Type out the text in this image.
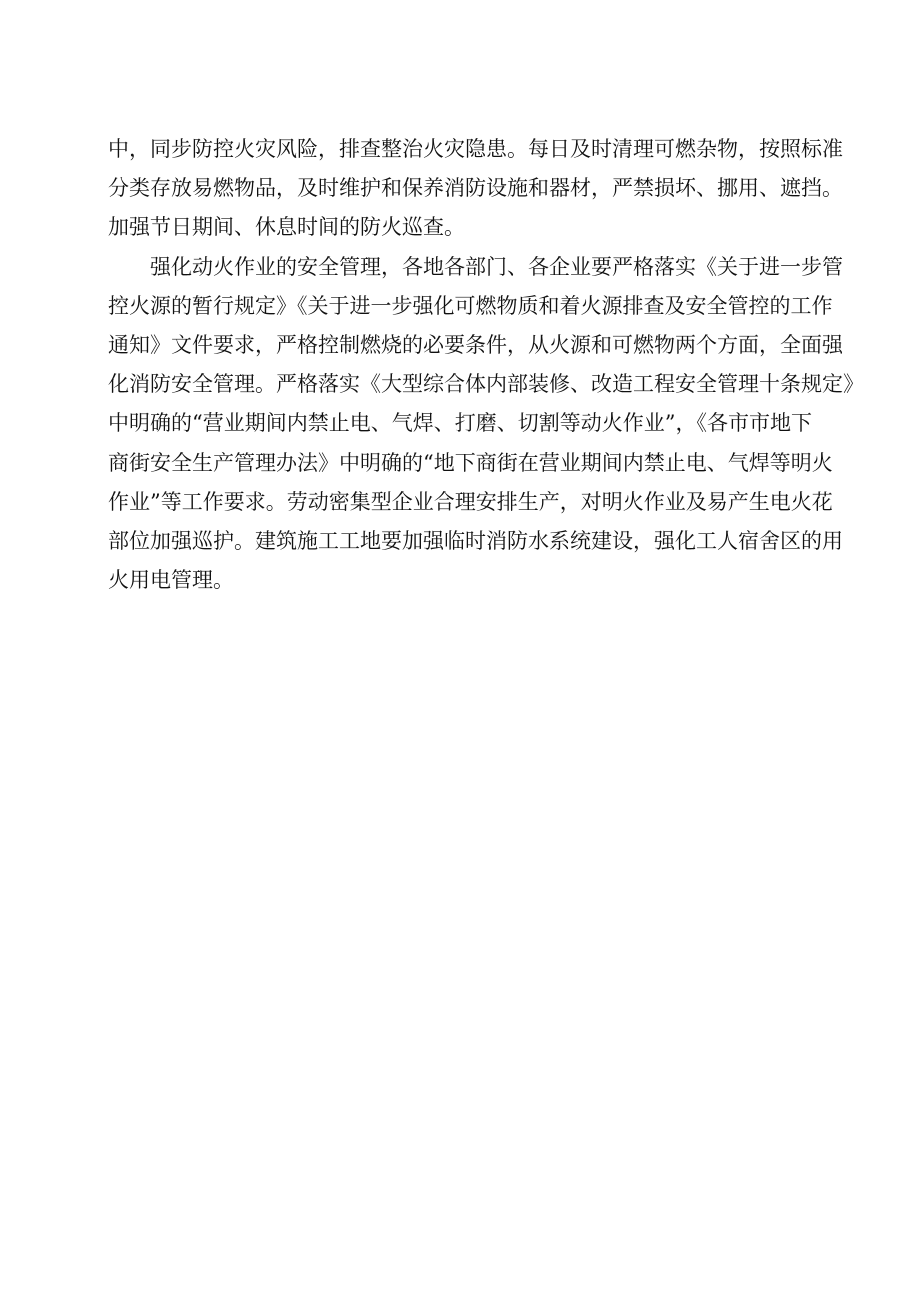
中，同步防控火灾风险，排查整治火灾隐患。每日及时清理可燃杂物，按照标准
分类存放易燃物品，及时维护和保养消防设施和器材，严禁损坏、挪用、遮挡。
加强节日期间、休息时间的防火巡查。
强化动火作业的安全管理，各地各部门、各企业要严格落实《关于进一步管
控火源的暂行规定》《关于进一步强化可燃物质和着火源排查及安全管控的工作
通知》文件要求，严格控制燃烧的必要条件，从火源和可燃物两个方面，全面强
化消防安全管理。严格落实《大型综合体内部装修、改造工程安全管理十条规定》
中明确的“营业期间内禁止电、气焊、打磨、切割等动火作业”，《各市市地下
商街安全生产管理办法》中明确的“地下商街在营业期间内禁止电、气焊等明火
作业”等工作要求。劳动密集型企业合理安排生产，对明火作业及易产生电火花
部位加强巡护。建筑施工工地要加强临时消防水系统建设，强化工人宿舍区的用
火用电管理。
